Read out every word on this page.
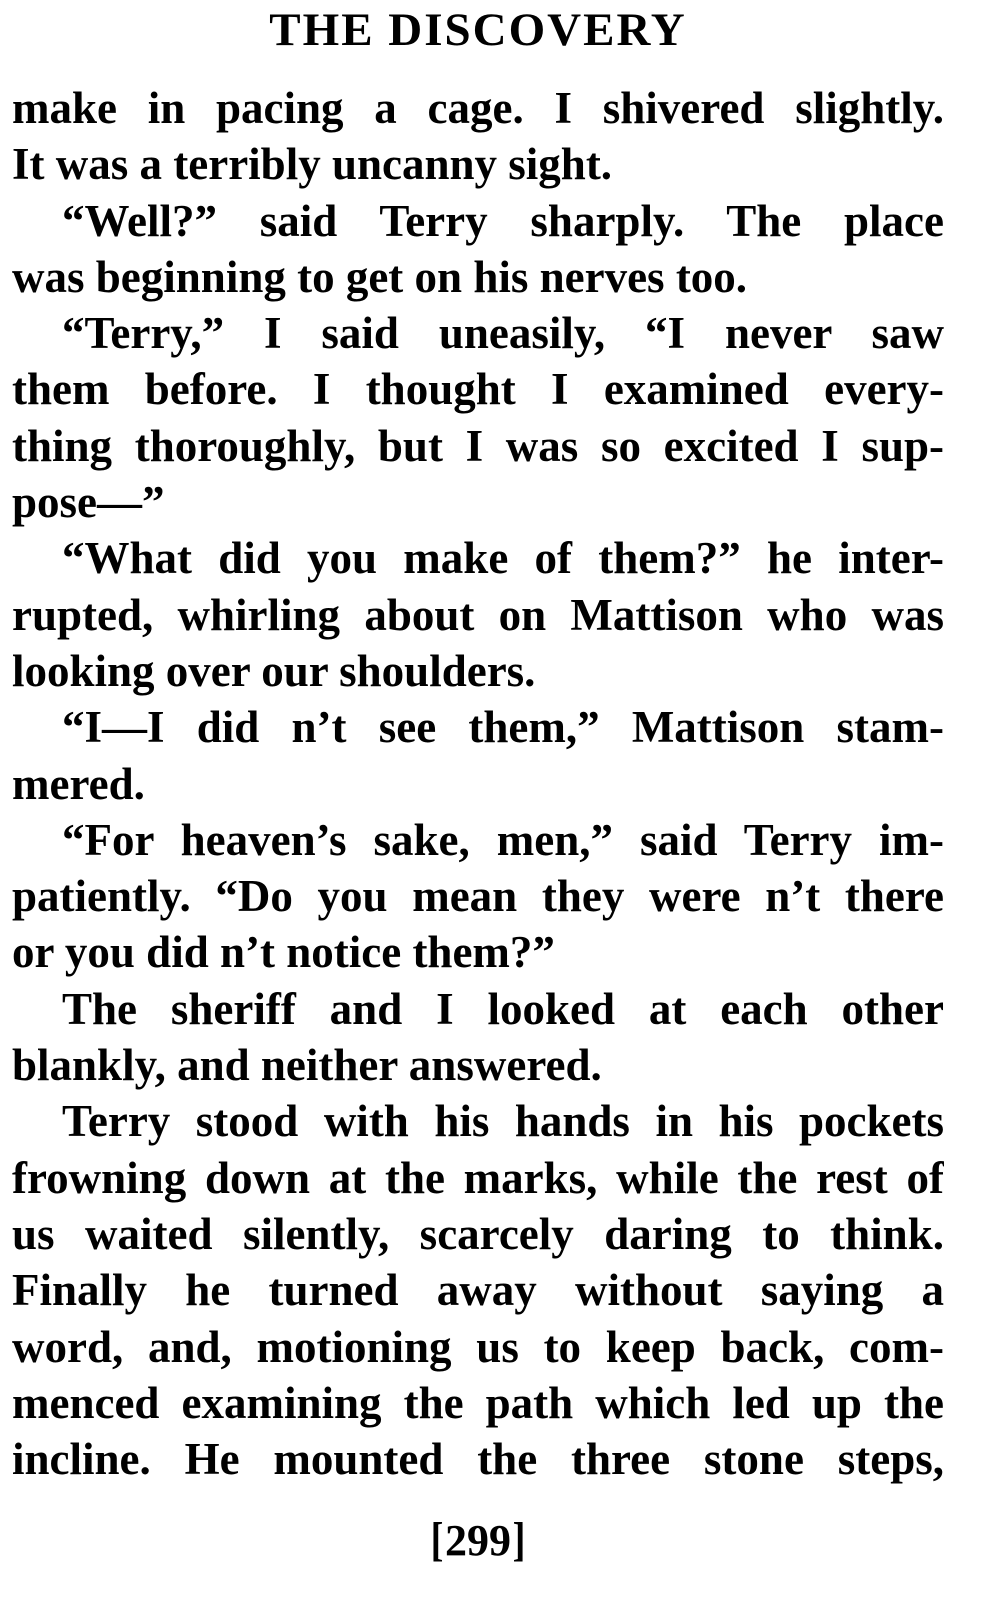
THE DISCOVERY
make in pacing a cage. I shivered slightly.
It was a terribly uncanny sight.
“Well?” said Terry sharply. The place
was beginning to get on his nerves too.
“Terry,” I said uneasily, “I never saw
them before. I thought I examined every-
thing thoroughly, but I was so excited I sup-
pose—”
“What did you make of them?” he inter-
rupted, whirling about on Mattison who was
looking over our shoulders.
“I—I did n’t see them,” Mattison stam-
mered.
“For heaven’s sake, men,” said Terry im-
patiently. “Do you mean they were n’t there
or you did n’t notice them?”
The sheriff and I looked at each other
blankly, and neither answered.
Terry stood with his hands in his pockets
frowning down at the marks, while the rest of
us waited silently, scarcely daring to think.
Finally he turned away without saying a
word, and, motioning us to keep back, com-
menced examining the path which led up the
incline. He mounted the three stone steps,
[299]
